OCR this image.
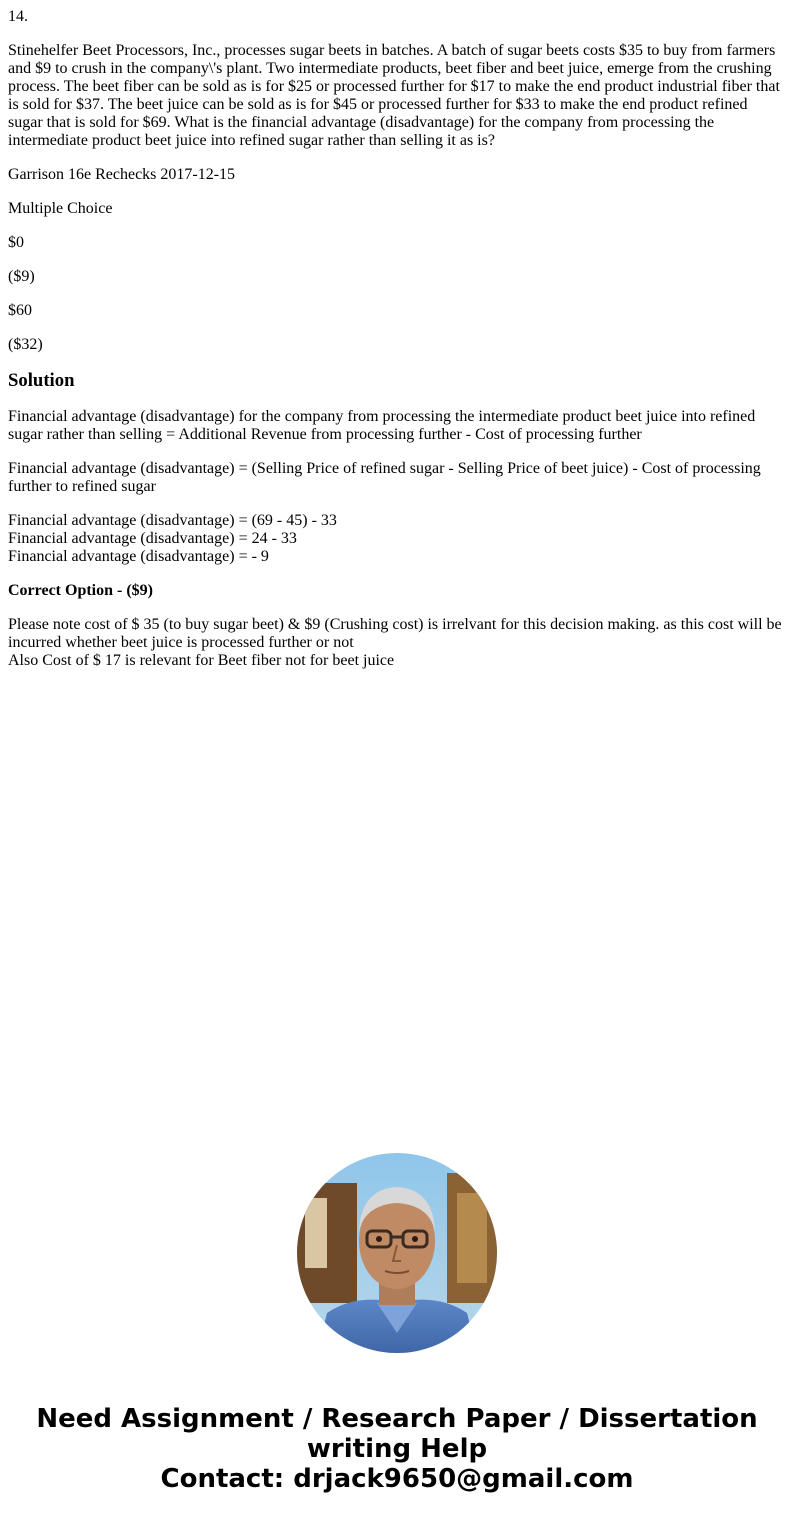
14.

Stinehelfer Beet Processors, Inc., processes sugar beets in batches. A batch of sugar beets costs $35 to buy from farmers and $9 to crush in the company\'s plant. Two intermediate products, beet fiber and beet juice, emerge from the crushing process. The beet fiber can be sold as is for $25 or processed further for $17 to make the end product industrial fiber that is sold for $37. The beet juice can be sold as is for $45 or processed further for $33 to make the end product refined sugar that is sold for $69. What is the financial advantage (disadvantage) for the company from processing the intermediate product beet juice into refined sugar rather than selling it as is?

Garrison 16e Rechecks 2017-12-15

Multiple Choice

$0

($9)

$60

($32)

Solution

Financial advantage (disadvantage) for the company from processing the intermediate product beet juice into refined sugar rather than selling = Additional Revenue from processing further - Cost of processing further

Financial advantage (disadvantage) = (Selling Price of refined sugar - Selling Price of beet juice) - Cost of processing further to refined sugar

Financial advantage (disadvantage) = (69 - 45) - 33
Financial advantage (disadvantage) = 24 - 33
Financial advantage (disadvantage) = - 9

Correct Option - ($9)

Please note cost of $ 35 (to buy sugar beet) & $9 (Crushing cost) is irrelvant for this decision making. as this cost will be incurred whether beet juice is processed further or not
Also Cost of $ 17 is relevant for Beet fiber not for beet juice

Need Assignment / Research Paper / Dissertation
writing Help
Contact: drjack9650@gmail.com
